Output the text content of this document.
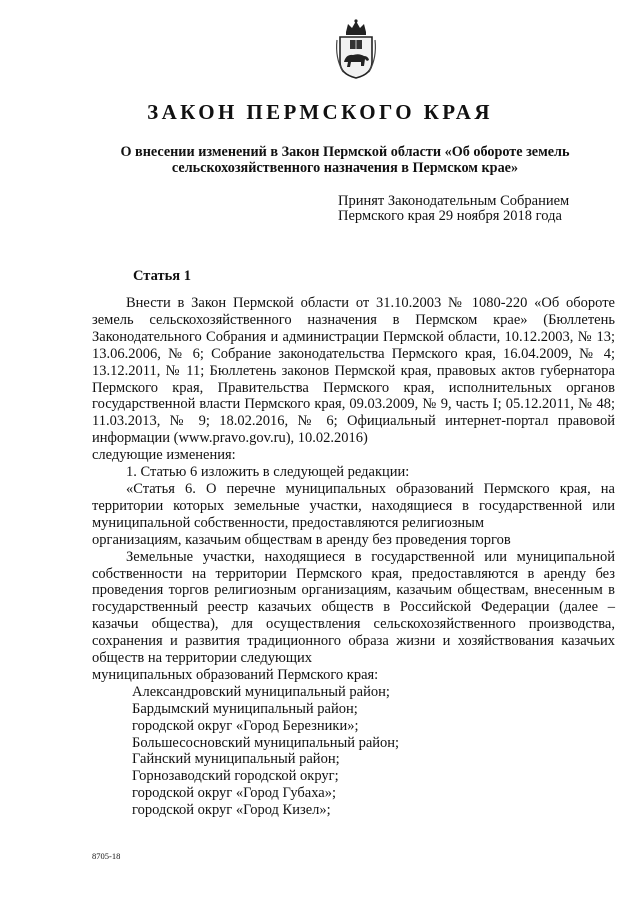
ЗАКОН ПЕРМСКОГО КРАЯ
О внесении изменений в Закон Пермской области «Об обороте земель
сельскохозяйственного назначения в Пермском крае»
Принят Законодательным Собранием
Пермского края 29 ноября 2018 года
Статья 1

Внести в Закон Пермской области от 31.10.2003 № 1080-220 «Об обороте земель сельскохозяйственного назначения в Пермском крае» (Бюллетень Законодательного Собрания и администрации Пермской области, 10.12.2003, № 13; 13.06.2006, № 6; Собрание законодательства Пермского края, 16.04.2009, № 4; 13.12.2011, № 11; Бюллетень законов Пермской края, правовых актов губернатора Пермского края, Правительства Пермского края, исполнительных органов государственной власти Пермского края, 09.03.2009, № 9, часть I; 05.12.2011, № 48; 11.03.2013, № 9; 18.02.2016, № 6; Официальный интернет-портал правовой информации (www.pravo.gov.ru), 10.02.2016)

следующие изменения:

1. Статью 6 изложить в следующей редакции:

«Статья 6. О перечне муниципальных образований Пермского края, на территории которых земельные участки, находящиеся в государственной или муниципальной собственности, предоставляются религиозным

организациям, казачьим обществам в аренду без проведения торгов

Земельные участки, находящиеся в государственной или муниципальной собственности на территории Пермского края, предоставляются в аренду без проведения торгов религиозным организациям, казачьим обществам, внесенным в государственный реестр казачьих обществ в Российской Федерации (далее – казачьи общества), для осуществления сельскохозяйственного производства, сохранения и развития традиционного образа жизни и хозяйствования казачьих обществ на территории следующих

муниципальных образований Пермского края:

Александровский муниципальный район;

Бардымский муниципальный район;

городской округ «Город Березники»;

Большесосновский муниципальный район;

Гайнский муниципальный район;

Горнозаводский городской округ;

городской округ «Город Губаха»;

городской округ «Город Кизел»;

8705-18
